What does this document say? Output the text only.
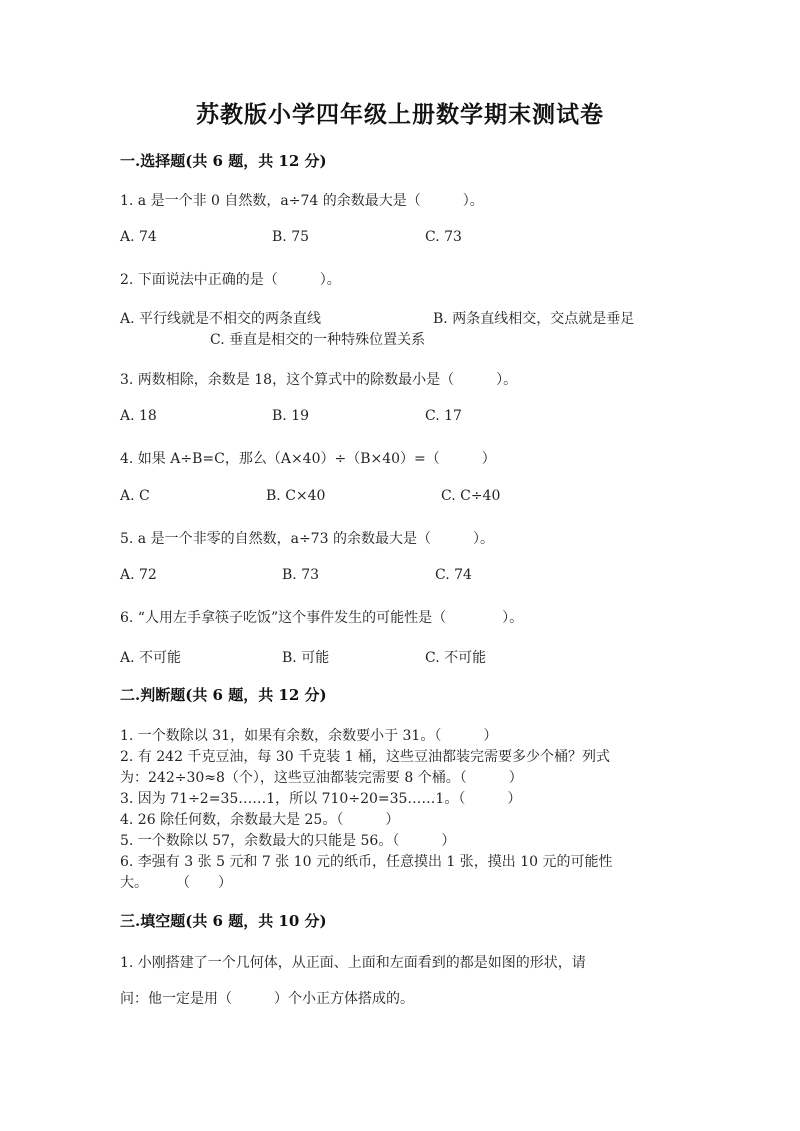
苏教版小学四年级上册数学期末测试卷
一.选择题(共 6 题，共 12 分)
1. a 是一个非 0 自然数，a÷74 的余数最大是（　　　）。
A. 74	B. 75	C. 73
2. 下面说法中正确的是（　　　）。
A. 平行线就是不相交的两条直线	B. 两条直线相交，交点就是垂足
C. 垂直是相交的一种特殊位置关系
3. 两数相除，余数是 18，这个算式中的除数最小是（　　　）。
A. 18	B. 19	C. 17
4. 如果 A÷B=C，那么（A×40）÷（B×40）=（　　　）
A. C	B. C×40	C. C÷40
5. a 是一个非零的自然数，a÷73 的余数最大是（　　　）。
A. 72	B. 73	C. 74
6. “人用左手拿筷子吃饭”这个事件发生的可能性是（　　　　）。
A. 不可能	B. 可能	C. 不可能
二.判断题(共 6 题，共 12 分)
1. 一个数除以 31，如果有余数，余数要小于 31。（　　　）
2. 有 242 千克豆油，每 30 千克装 1 桶，这些豆油都装完需要多少个桶？列式
为：242÷30≈8（个），这些豆油都装完需要 8 个桶。（　　　）
3. 因为 71÷2=35……1，所以 710÷20=35……1。（　　　）
4. 26 除任何数，余数最大是 25。（　　　）
5. 一个数除以 57，余数最大的只能是 56。（　　　）
6. 李强有 3 张 5 元和 7 张 10 元的纸币，任意摸出 1 张，摸出 10 元的可能性
大。　　　（　　）
三.填空题(共 6 题，共 10 分)
1. 小刚搭建了一个几何体，从正面、上面和左面看到的都是如图的形状，请
问：他一定是用（　　　）个小正方体搭成的。
